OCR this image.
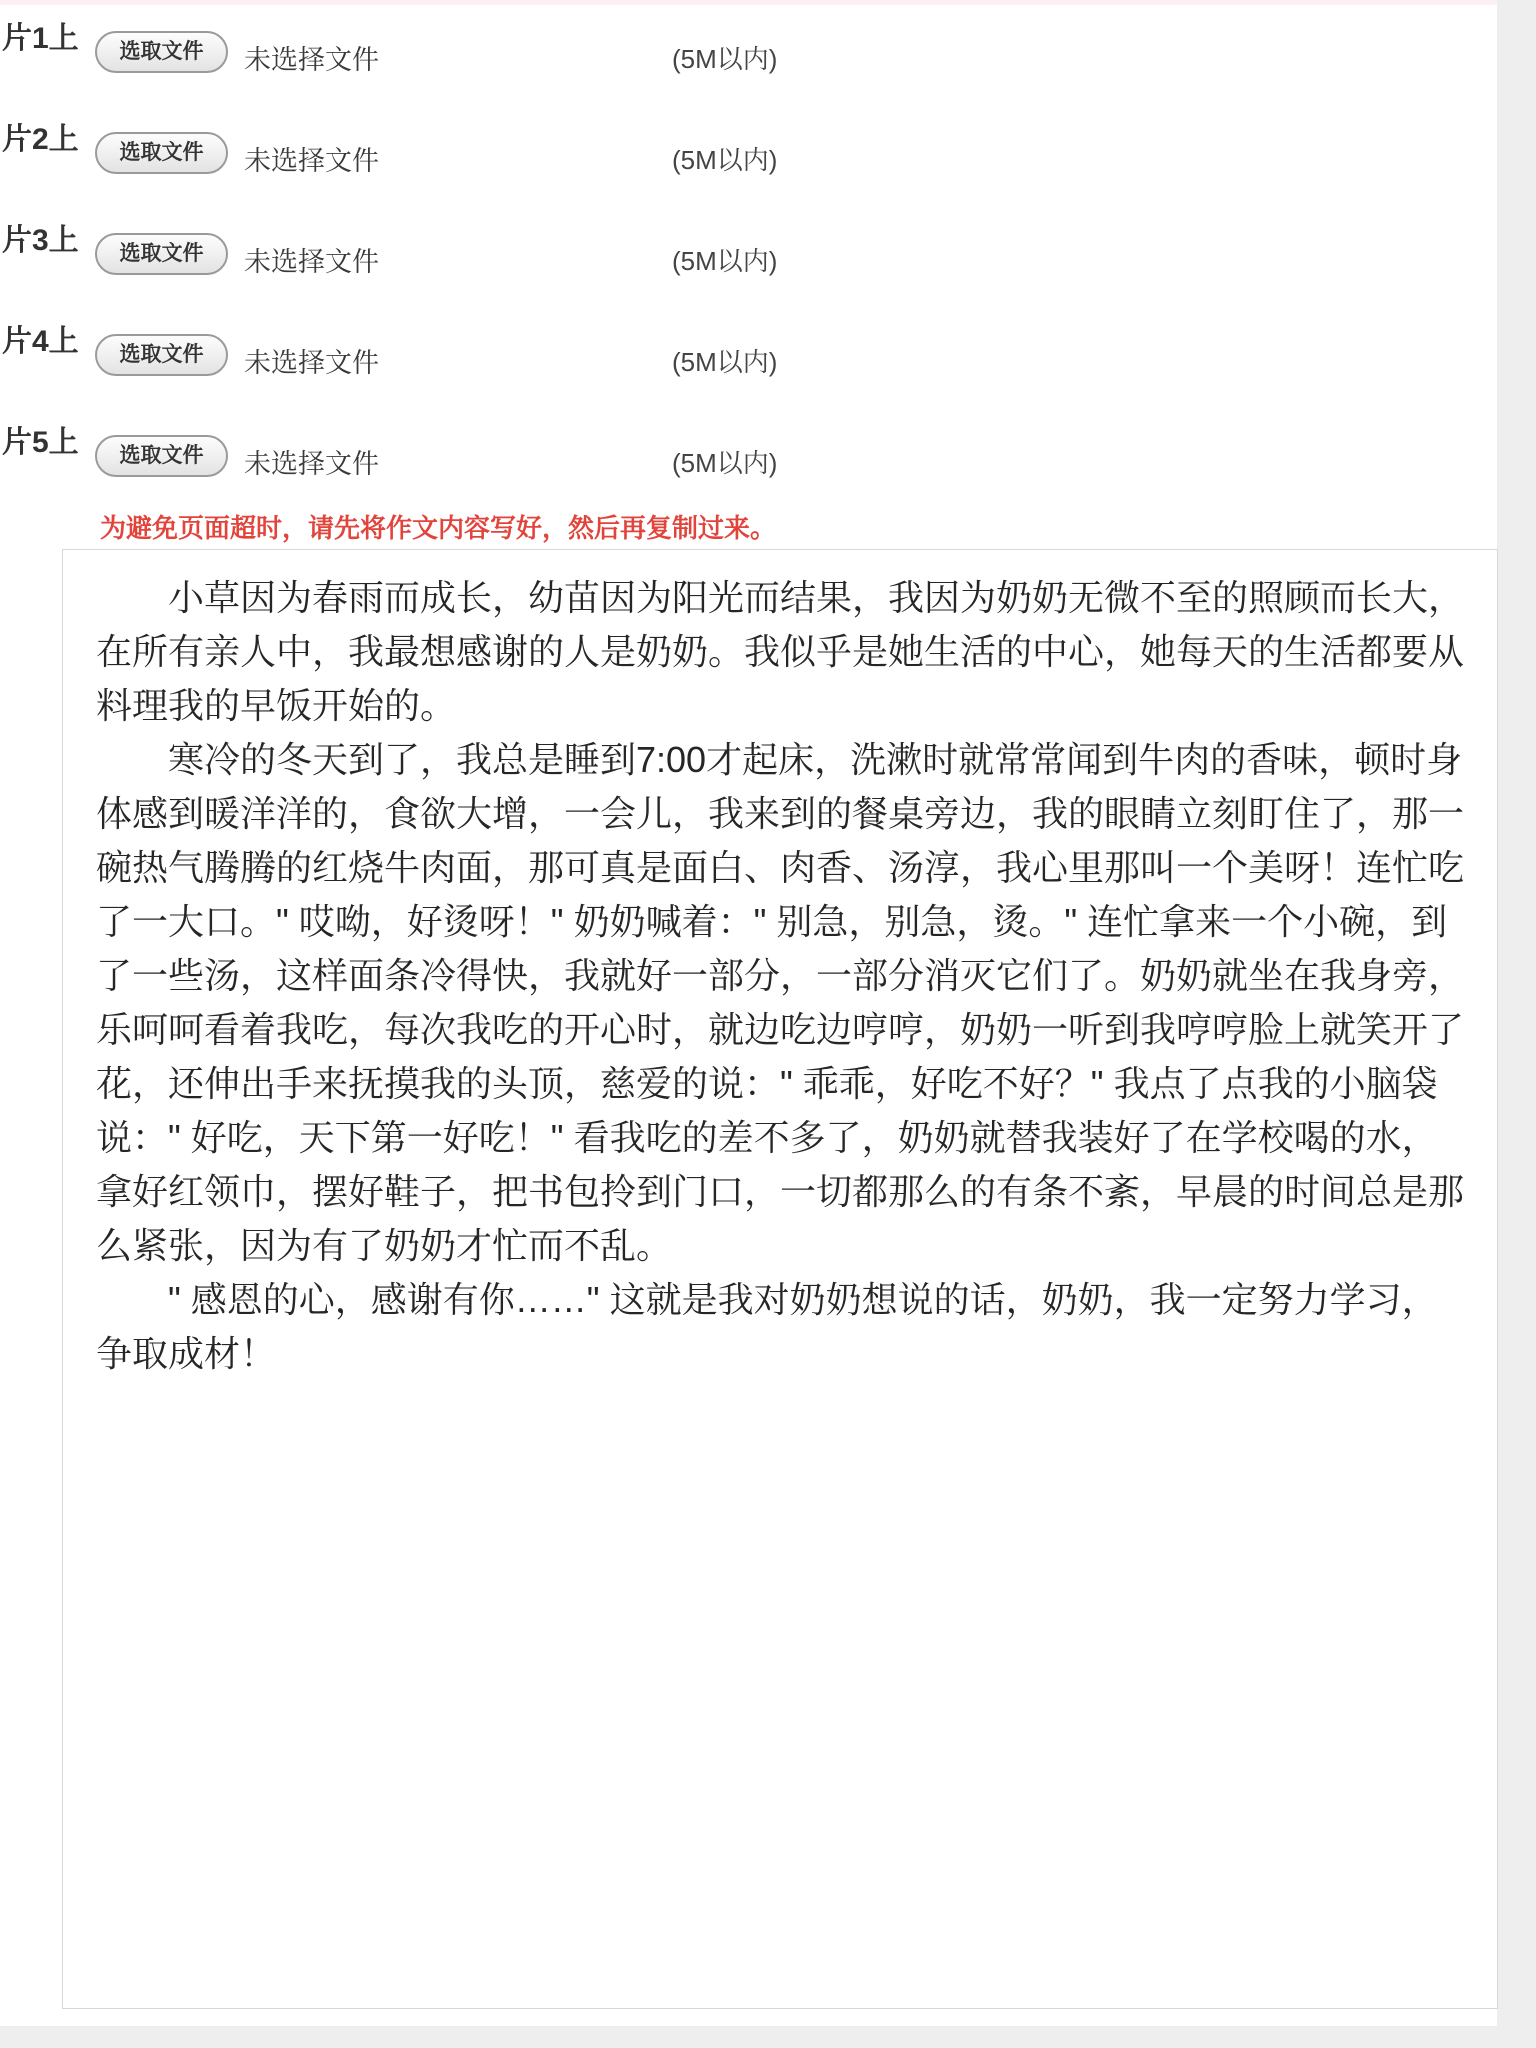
片1上	选取文件	未选择文件	(5M以内)
片2上	选取文件	未选择文件	(5M以内)
片3上	选取文件	未选择文件	(5M以内)
片4上	选取文件	未选择文件	(5M以内)
片5上	选取文件	未选择文件	(5M以内)
为避免页面超时，请先将作文内容写好，然后再复制过来。
　　小草因为春雨而成长，幼苗因为阳光而结果，我因为奶奶无微不至的照顾而长大，在所有亲人中，我最想感谢的人是奶奶。我似乎是她生活的中心，她每天的生活都要从料理我的早饭开始的。 　　寒冷的冬天到了，我总是睡到7:00才起床，洗漱时就常常闻到牛肉的香味，顿时身体感到暖洋洋的，食欲大增，一会儿，我来到的餐桌旁边，我的眼睛立刻盯住了，那一碗热气腾腾的红烧牛肉面，那可真是面白、肉香、汤淳，我心里那叫一个美呀！连忙吃了一大口。" 哎呦，好烫呀！" 奶奶喊着：" 别急，别急，烫。" 连忙拿来一个小碗，到了一些汤，这样面条冷得快，我就好一部分，一部分消灭它们了。奶奶就坐在我身旁，乐呵呵看着我吃，每次我吃的开心时，就边吃边哼哼，奶奶一听到我哼哼脸上就笑开了花，还伸出手来抚摸我的头顶，慈爱的说：" 乖乖，好吃不好？" 我点了点我的小脑袋说：" 好吃，天下第一好吃！" 看我吃的差不多了，奶奶就替我装好了在学校喝的水，拿好红领巾，摆好鞋子，把书包拎到门口，一切都那么的有条不紊，早晨的时间总是那么紧张，因为有了奶奶才忙而不乱。 　　" 感恩的心，感谢有你……" 这就是我对奶奶想说的话，奶奶，我一定努力学习，争取成材！
